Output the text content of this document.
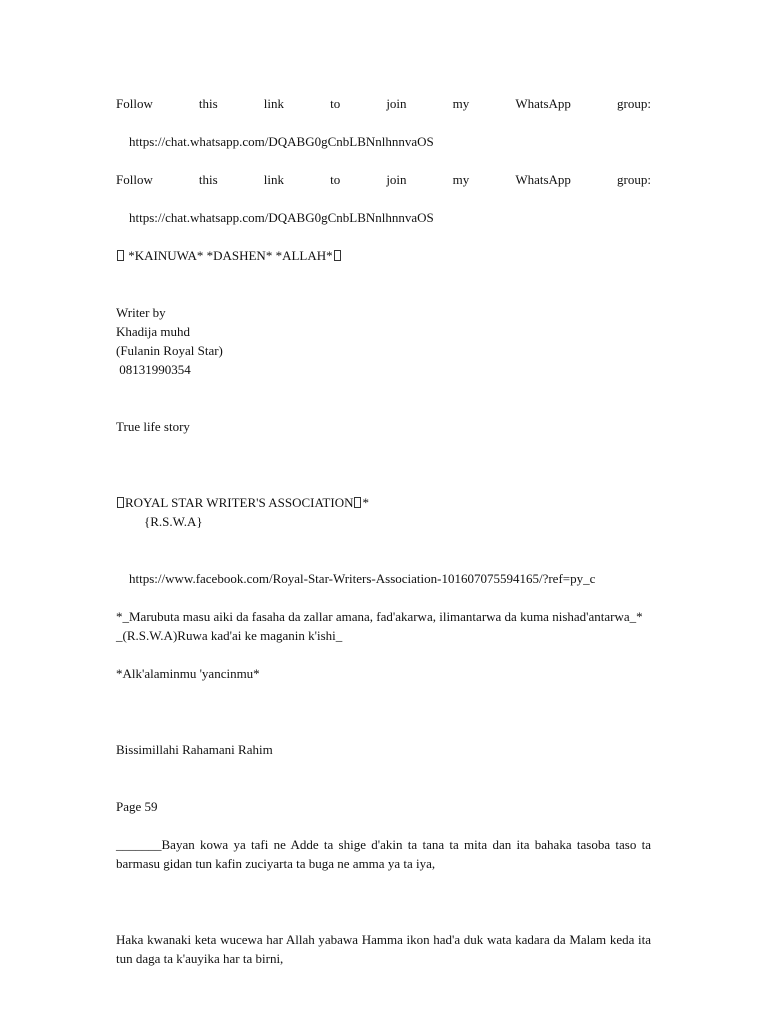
Follow	this	link	to	join	my	WhatsApp	group:

https://chat.whatsapp.com/DQABG0gCnbLBNnlhnnvaOS

Follow	this	link	to	join	my	WhatsApp	group:

https://chat.whatsapp.com/DQABG0gCnbLBNnlhnnvaOS

*KAINUWA* *DASHEN* *ALLAH*
Writer by
Khadija muhd
(Fulanin Royal Star)
08131990354
True life story
ROYAL STAR WRITER'S ASSOCIATION *
{R.S.W.A}

https://www.facebook.com/Royal-Star-Writers-Association-101607075594165/?ref=py_c

*_Marubuta masu aiki da fasaha da zallar amana, fad'akarwa, ilimantarwa da kuma nishad'antarwa_*
_(R.S.W.A)Ruwa kad'ai ke maganin k'ishi_
*Alk'alaminmu 'yancinmu*
Bissimillahi Rahamani Rahim
Page 59
_______Bayan kowa ya tafi ne Adde ta shige d'akin ta tana ta mita dan ita bahaka tasoba taso ta barmasu gidan tun kafin zuciyarta ta buga ne amma ya ta iya,
Haka kwanaki keta wucewa har Allah yabawa Hamma ikon had'a duk wata kadara da Malam keda ita tun daga ta k'auyika har ta birni,
